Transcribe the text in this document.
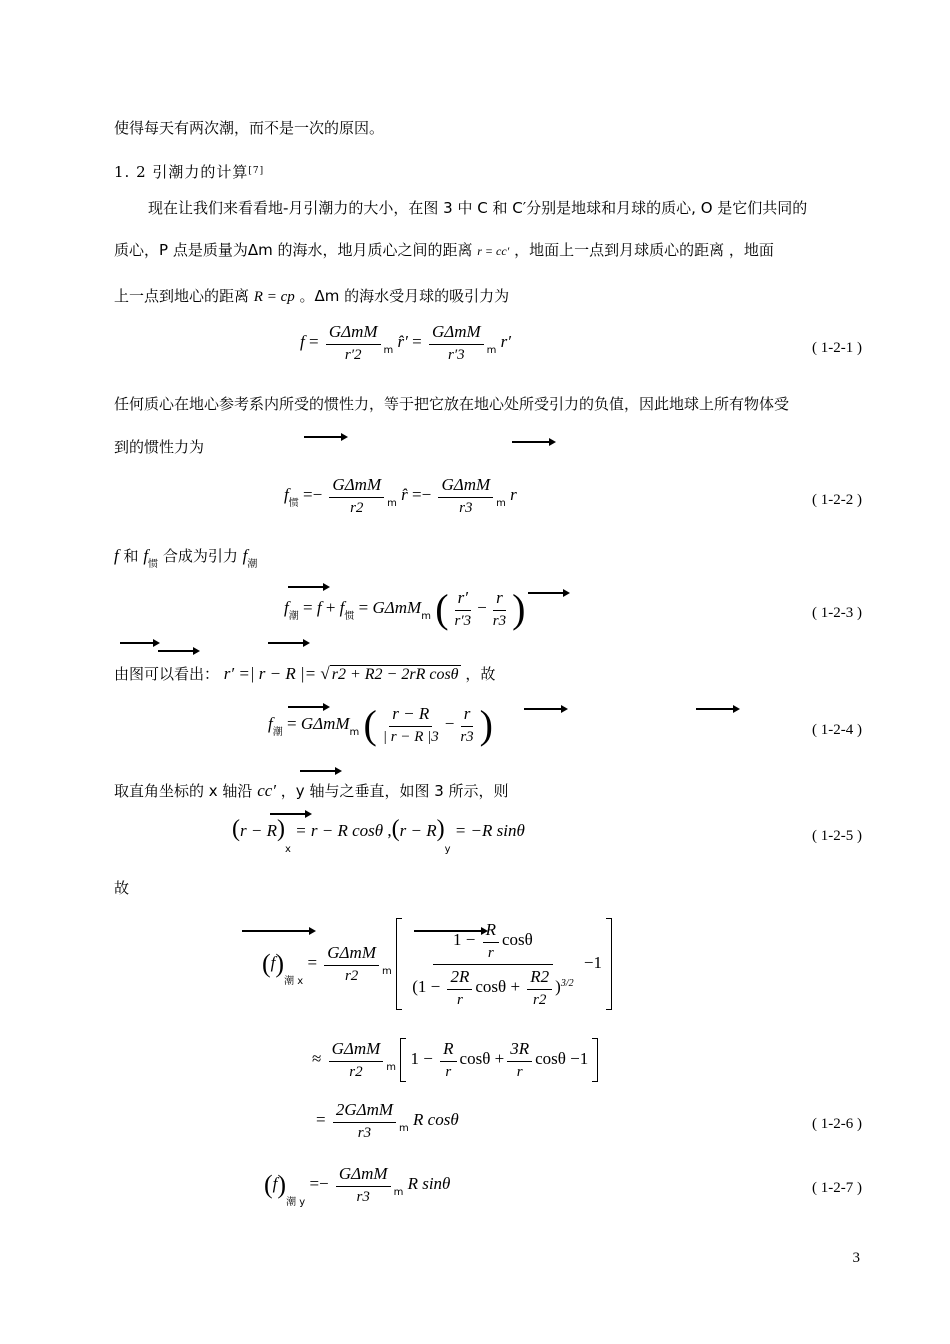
使得每天有两次潮，而不是一次的原因。
1. 2 引潮力的计算[7]
现在让我们来看看地-月引潮力的大小，在图 3 中 C 和 C′分别是地球和月球的质心, O 是它们共同的
质心，P 点是质量为Δm 的海水，地月质心之间的距离 r = cc′ ，地面上一点到月球质心的距离 ，地面
上一点到地心的距离 R = cp 。Δm 的海水受月球的吸引力为
$f = \frac{\text{GΔmM}}{r'2} _m$ r̂′ = $\frac{\text{GΔmM}}{r'3} _m$ r′	( 1-2-1 )
任何质心在地心参考系内所受的惯性力，等于把它放在地心处所受引力的负值，因此地球上所有物体受
到的惯性力为
$f_惯 =- \frac{\text{GΔmM}}{r2} _m$ r̂ =− $\frac{\text{GΔmM}}{r3} _m$ r	( 1-2-2 )
f 和 $f_惯$ 合成为引力 $f_潮$
$f_潮 = f + f_惯 = G\Delta mM_m$ ( $\frac{r'}{r'3} - \frac{r}{r3}$ )	( 1-2-3 )
由图可以看出： r′ =| r − R |= √ r2 + R2 − 2rR cosθ ，故
$f_潮 = G\Delta mM_m$ ( $\frac{r - R}{| r - R |3} - \frac{r}{r3}$ )	( 1-2-4 )
取直角坐标的 x 轴沿 cc′ ，y 轴与之垂直，如图 3 所示，则
$(r - R)_x = r - R$ cosθ $,(r - R)_y = -R$ sinθ	( 1-2-5 )
故
$(f)_{潮 x} = \frac{\text{GΔmM}}{r2} _m \frac{1 - \frac{R}{r} \cos\theta}{(1 - \frac{2R}{r} \cos\theta + \frac{R2}{r2} )^{3/2}} -1$
≈ $\frac{\text{GΔmM}}{r2} _m$ $1 - \frac{R}{r}$ $\cos\theta + \frac{3R}{r}$ cosθ −1
= $\frac{\text{2GΔmM}}{r3} _m$ R cosθ	( 1-2-6 )
$(f)_{潮 y} =- \frac{\text{GΔmM}}{r3} _m$ R sinθ	( 1-2-7 )
3
